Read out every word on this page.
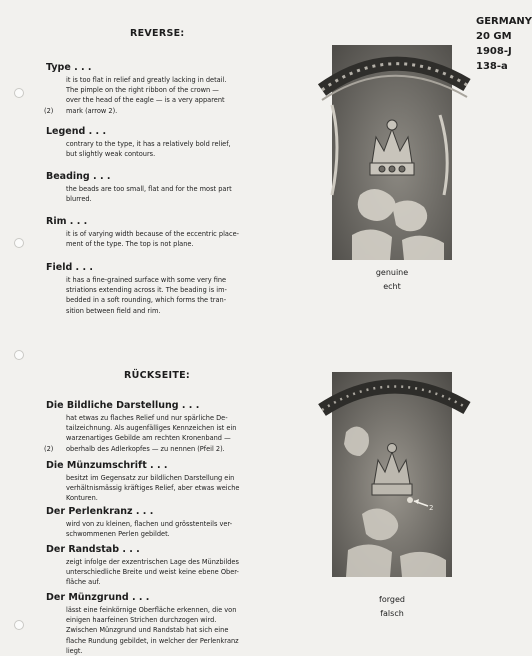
GERMANY
20 GM
1908-J
138-a
REVERSE:
Type . . .
it is too flat in relief and greatly lacking in detail.
The pimple on the right ribbon of the crown —
over the head of the eagle — is a very apparent
mark (arrow 2).
(2)
Legend . . .
contrary to the type, it has a relatively bold relief,
but slightly weak contours.
Beading . . .
the beads are too small, flat and for the most part
blurred.
Rim . . .
it is of varying width because of the eccentric place-
ment of the type. The top is not plane.
Field . . .
it has a fine-grained surface with some very fine
striations extending across it. The beading is im-
bedded in a soft rounding, which forms the tran-
sition between field and rim.
RÜCKSEITE:
Die Bildliche Darstellung . . .
hat etwas zu flaches Relief und nur spärliche De-
tailzeichnung. Als augenfälliges Kennzeichen ist ein
warzenartiges Gebilde am rechten Kronenband —
oberhalb des Adlerkopfes — zu nennen (Pfeil 2).
(2)
Die Münzumschrift . . .
besitzt im Gegensatz zur bildlichen Darstellung ein
verhältnismässig kräftiges Relief, aber etwas weiche
Konturen.
Der Perlenkranz . . .
wird von zu kleinen, flachen und grösstenteils ver-
schwommenen Perlen gebildet.
Der Randstab . . .
zeigt infolge der exzentrischen Lage des Münzbildes
unterschiedliche Breite und weist keine ebene Ober-
fläche auf.
Der Münzgrund . . .
lässt eine feinkörnige Oberfläche erkennen, die von
einigen haarfeinen Strichen durchzogen wird.
Zwischen Münzgrund und Randstab hat sich eine
flache Rundung gebildet, in welcher der Perlenkranz
liegt.
genuine
echt
2
forged
falsch
